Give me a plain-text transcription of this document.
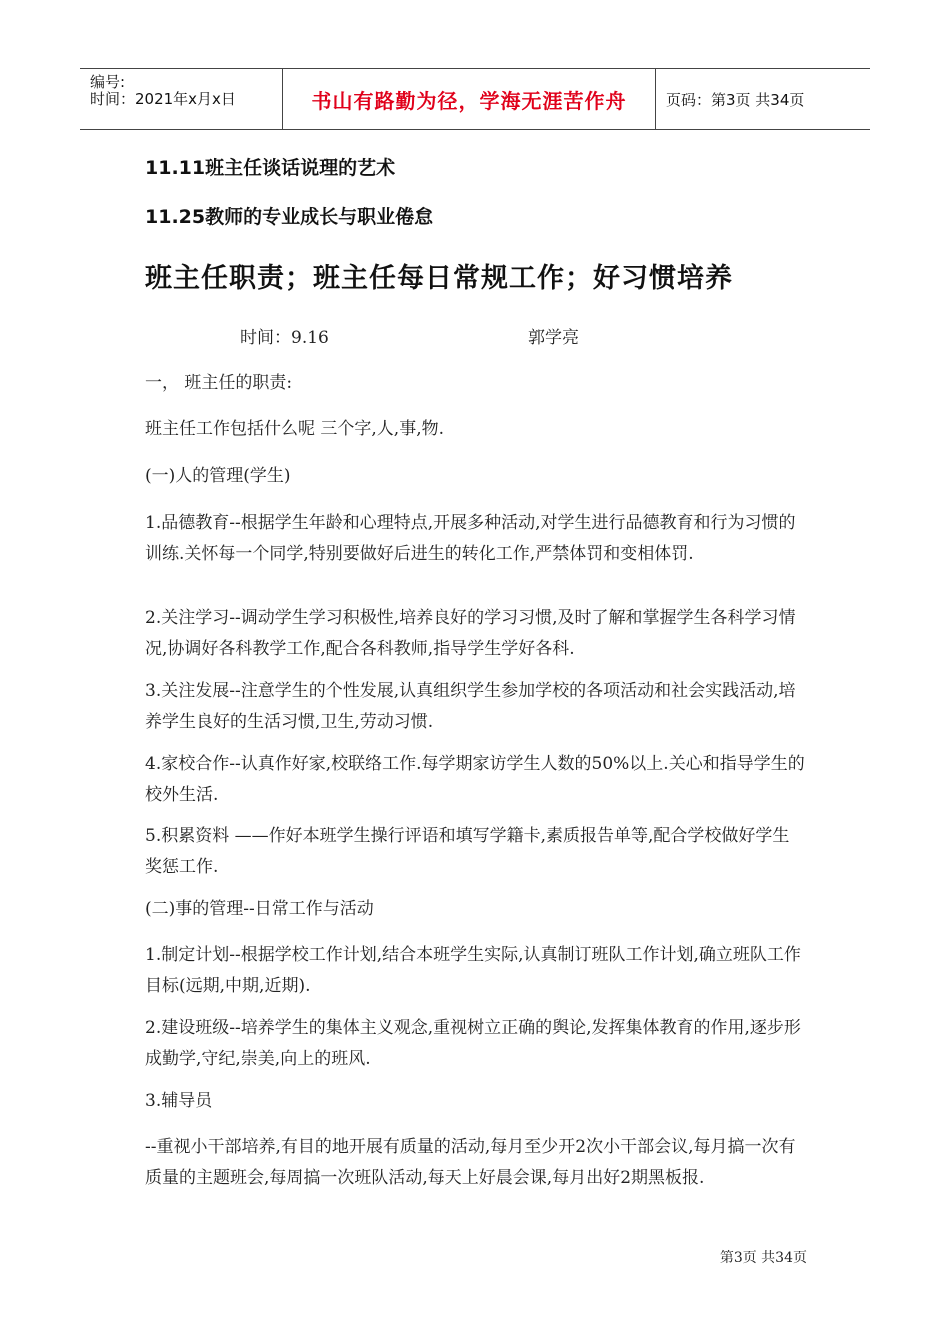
编号:
时间：2021年x月x日	书山有路勤为径，学海无涯苦作舟	页码：第3页 共34页
11.11班主任谈话说理的艺术
11.25教师的专业成长与职业倦怠
班主任职责；班主任每日常规工作；好习惯培养
时间：9.16	郭学亮
一， 班主任的职责:
班主任工作包括什么呢 三个字,人,事,物.
(一)人的管理(学生)
1.品德教育--根据学生年龄和心理特点,开展多种活动,对学生进行品德教育和行为习惯的训练.关怀每一个同学,特别要做好后进生的转化工作,严禁体罚和变相体罚.
2.关注学习--调动学生学习积极性,培养良好的学习习惯,及时了解和掌握学生各科学习情况,协调好各科教学工作,配合各科教师,指导学生学好各科.
3.关注发展--注意学生的个性发展,认真组织学生参加学校的各项活动和社会实践活动,培养学生良好的生活习惯,卫生,劳动习惯.
4.家校合作--认真作好家,校联络工作.每学期家访学生人数的50%以上.关心和指导学生的校外生活.
5.积累资料 ——作好本班学生操行评语和填写学籍卡,素质报告单等,配合学校做好学生奖惩工作.
(二)事的管理--日常工作与活动
1.制定计划--根据学校工作计划,结合本班学生实际,认真制订班队工作计划,确立班队工作目标(远期,中期,近期).
2.建设班级--培养学生的集体主义观念,重视树立正确的舆论,发挥集体教育的作用,逐步形成勤学,守纪,崇美,向上的班风.
3.辅导员
--重视小干部培养,有目的地开展有质量的活动,每月至少开2次小干部会议,每月搞一次有质量的主题班会,每周搞一次班队活动,每天上好晨会课,每月出好2期黑板报.
第3页 共34页
